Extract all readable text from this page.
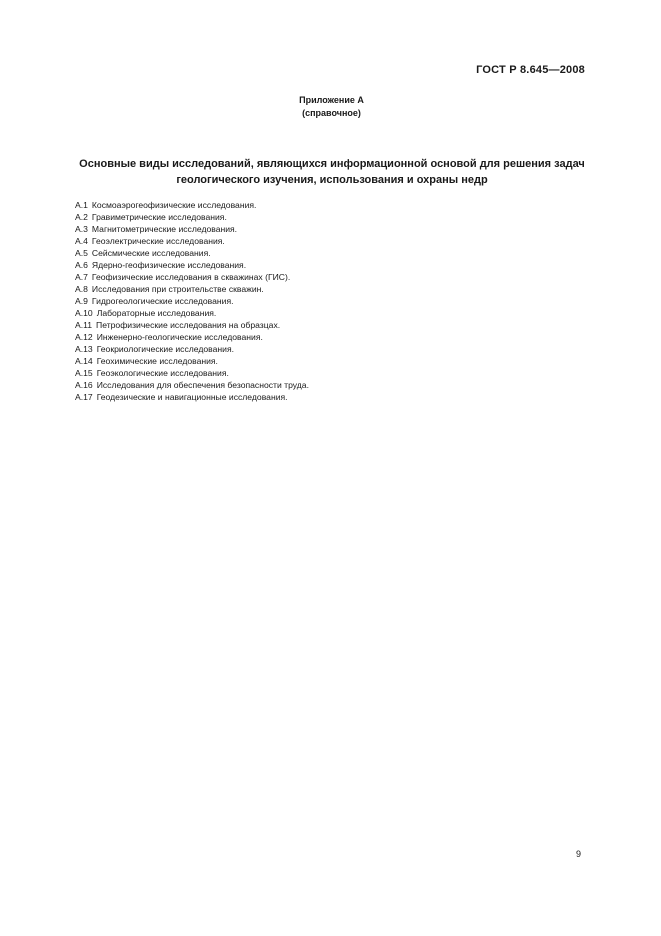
ГОСТ Р 8.645—2008
Приложение А
(справочное)
Основные виды исследований, являющихся информационной основой для решения задач
геологического изучения, использования и охраны недр
А.1 Космоаэрогеофизические исследования.
А.2 Гравиметрические исследования.
А.3 Магнитометрические исследования.
А.4 Геоэлектрические исследования.
А.5 Сейсмические исследования.
А.6 Ядерно-геофизические исследования.
А.7 Геофизические исследования в скважинах (ГИС).
А.8 Исследования при строительстве скважин.
А.9 Гидрогеологические исследования.
А.10 Лабораторные исследования.
А.11 Петрофизические исследования на образцах.
А.12 Инженерно-геологические исследования.
А.13 Геокриологические исследования.
А.14 Геохимические исследования.
А.15 Геоэкологические исследования.
А.16 Исследования для обеспечения безопасности труда.
А.17 Геодезические и навигационные исследования.
9
